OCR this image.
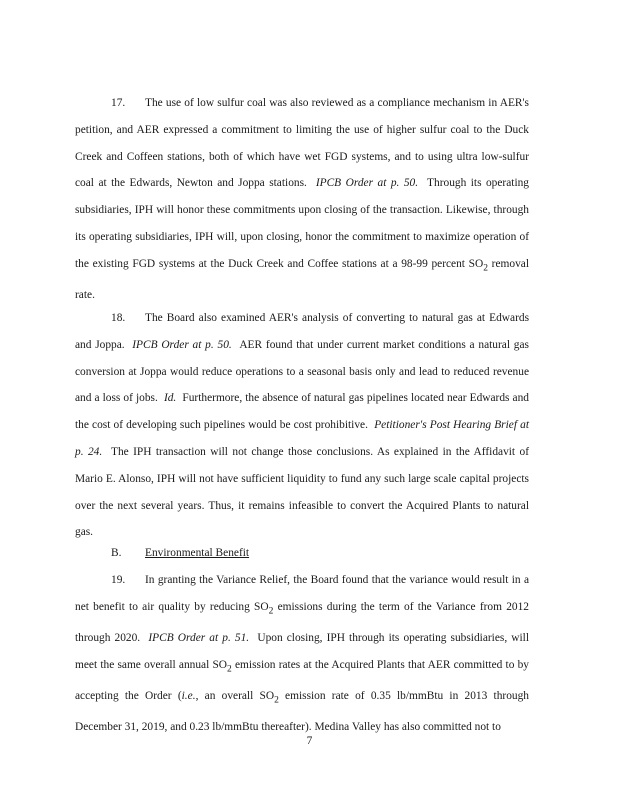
17. The use of low sulfur coal was also reviewed as a compliance mechanism in AER's petition, and AER expressed a commitment to limiting the use of higher sulfur coal to the Duck Creek and Coffeen stations, both of which have wet FGD systems, and to using ultra low-sulfur coal at the Edwards, Newton and Joppa stations. IPCB Order at p. 50. Through its operating subsidiaries, IPH will honor these commitments upon closing of the transaction. Likewise, through its operating subsidiaries, IPH will, upon closing, honor the commitment to maximize operation of the existing FGD systems at the Duck Creek and Coffee stations at a 98-99 percent $SO_2$ removal rate.

18. The Board also examined AER's analysis of converting to natural gas at Edwards and Joppa. IPCB Order at p. 50. AER found that under current market conditions a natural gas conversion at Joppa would reduce operations to a seasonal basis only and lead to reduced revenue and a loss of jobs. Id. Furthermore, the absence of natural gas pipelines located near Edwards and the cost of developing such pipelines would be cost prohibitive. Petitioner's Post Hearing Brief at p. 24. The IPH transaction will not change those conclusions. As explained in the Affidavit of Mario E. Alonso, IPH will not have sufficient liquidity to fund any such large scale capital projects over the next several years. Thus, it remains infeasible to convert the Acquired Plants to natural gas.

B. Environmental Benefit

19. In granting the Variance Relief, the Board found that the variance would result in a net benefit to air quality by reducing $SO_2$ emissions during the term of the Variance from 2012 through 2020. IPCB Order at p. 51. Upon closing, IPH through its operating subsidiaries, will meet the same overall annual $SO_2$ emission rates at the Acquired Plants that AER committed to by accepting the Order (i.e., an overall $SO_2$ emission rate of 0.35 lb/mmBtu in 2013 through December 31, 2019, and 0.23 lb/mmBtu thereafter). Medina Valley has also committed not to

7
